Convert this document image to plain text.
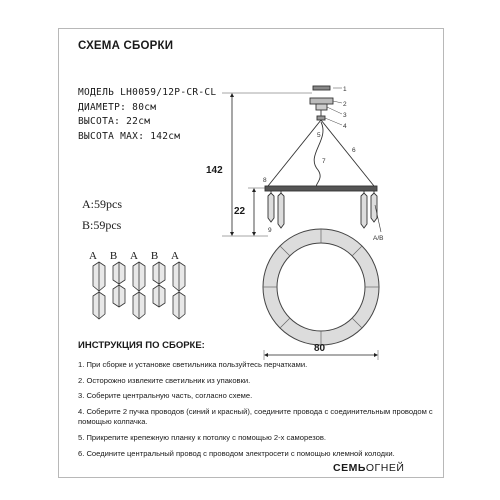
СХЕМА СБОРКИ
МОДЕЛЬ LH0059/12P-CR-CL
ДИАМЕТР: 80см
ВЫСОТА: 22см
ВЫСОТА MAX: 142см
A:59pcs
B:59pcs
A	B	A	B	A
1
2
3
4
5
6
7
8
9
A/B
142
22
80
ИНСТРУКЦИЯ ПО СБОРКЕ:
1. При сборке и установке светильника пользуйтесь перчатками.
2. Осторожно извлеките светильник из упаковки.
3. Соберите центральную часть, согласно схеме.
4. Соберите 2 пучка проводов (синий и красный), соедините провода с соединительным проводом с помощью колпачка.
5. Прикрепите крепежную планку к потолку с помощью 2-х саморезов.
6. Соедините центральный провод с проводом электросети с помощью клемной колодки.
СЕМЬОГНЕЙ
